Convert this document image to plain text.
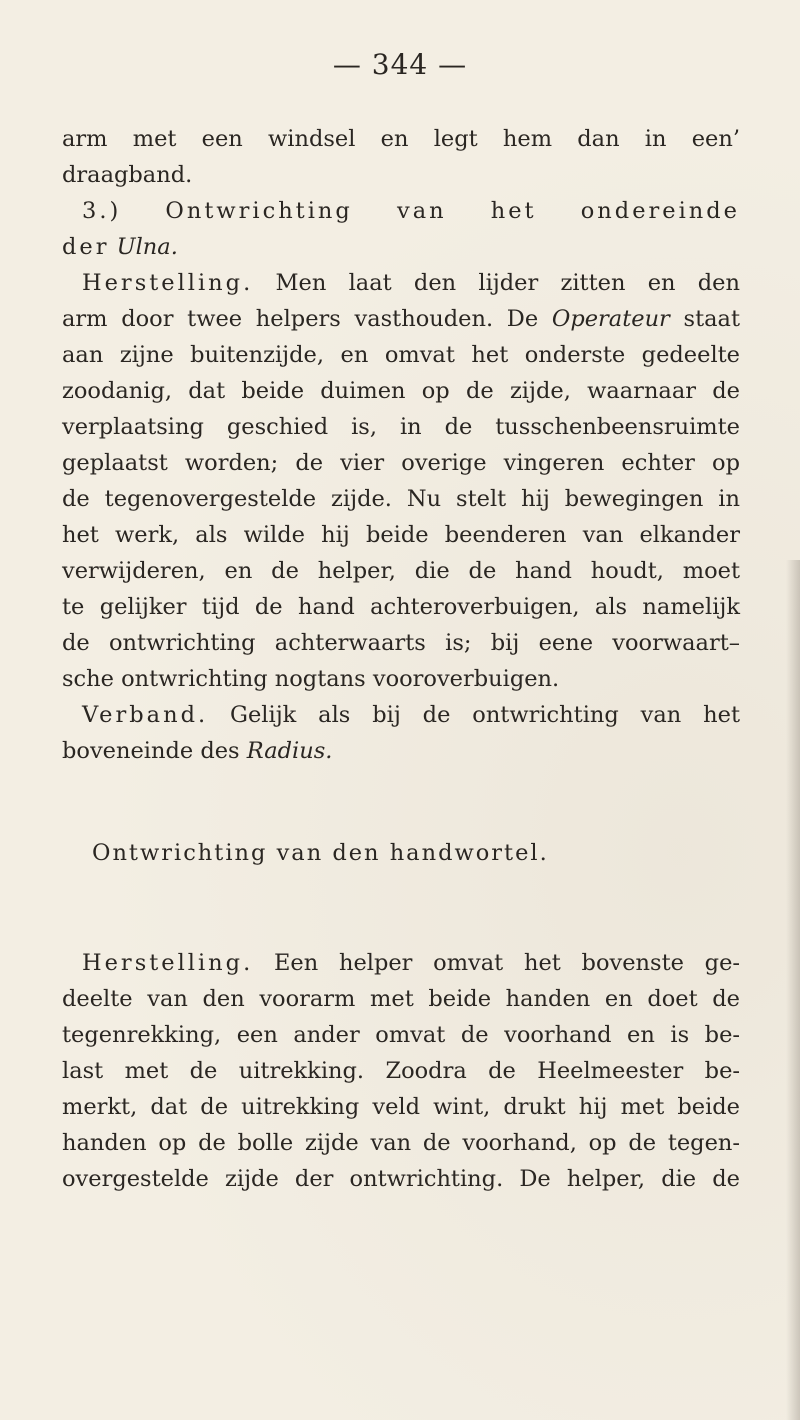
— 344 —
arm met een windsel en legt hem dan in een’
draagband.
3.) Ontwrichting van het ondereinde
der Ulna.
Herstelling. Men laat den lijder zitten en den
arm door twee helpers vasthouden. De Operateur staat
aan zijne buitenzijde, en omvat het onderste gedeelte
zoodanig, dat beide duimen op de zijde, waarnaar de
verplaatsing geschied is, in de tusschenbeensruimte
geplaatst worden; de vier overige vingeren echter op
de tegenovergestelde zijde. Nu stelt hij bewegingen in
het werk, als wilde hij beide beenderen van elkander
verwijderen, en de helper, die de hand houdt, moet
te gelijker tijd de hand achteroverbuigen, als namelijk
de ontwrichting achterwaarts is; bij eene voorwaart–
sche ontwrichting nogtans vooroverbuigen.
Verband. Gelijk als bij de ontwrichting van het
boveneinde des Radius.
Ontwrichting van den handwortel.
Herstelling. Een helper omvat het bovenste ge-
deelte van den voorarm met beide handen en doet de
tegenrekking, een ander omvat de voorhand en is be-
last met de uitrekking. Zoodra de Heelmeester be-
merkt, dat de uitrekking veld wint, drukt hij met beide
handen op de bolle zijde van de voorhand, op de tegen-
overgestelde zijde der ontwrichting. De helper, die de
